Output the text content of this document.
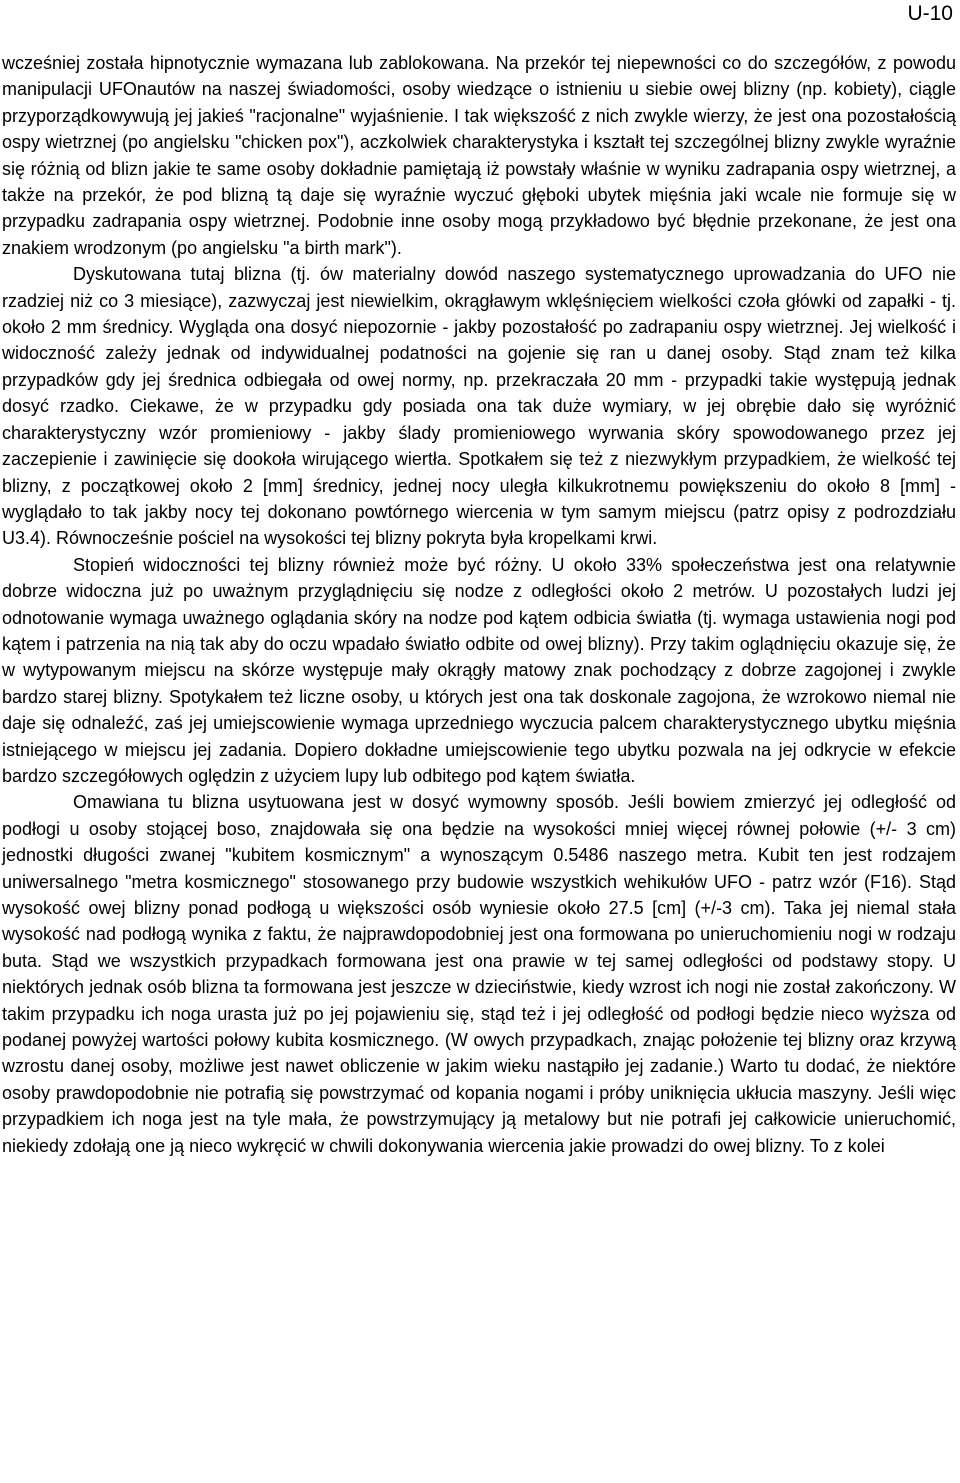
U-10

wcześniej została hipnotycznie wymazana lub zablokowana. Na przekór tej niepewności co do szczegółów, z powodu manipulacji UFOnautów na naszej świadomości, osoby wiedzące o istnieniu u siebie owej blizny (np. kobiety), ciągle przyporządkowywują jej jakieś "racjonalne" wyjaśnienie. I tak większość z nich zwykle wierzy, że jest ona pozostałością ospy wietrznej (po angielsku "chicken pox"), aczkolwiek charakterystyka i kształt tej szczególnej blizny zwykle wyraźnie się różnią od blizn jakie te same osoby dokładnie pamiętają iż powstały właśnie w wyniku zadrapania ospy wietrznej, a także na przekór, że pod blizną tą daje się wyraźnie wyczuć głęboki ubytek mięśnia jaki wcale nie formuje się w przypadku zadrapania ospy wietrznej. Podobnie inne osoby mogą przykładowo być błędnie przekonane, że jest ona znakiem wrodzonym (po angielsku "a birth mark").

Dyskutowana tutaj blizna (tj. ów materialny dowód naszego systematycznego uprowadzania do UFO nie rzadziej niż co 3 miesiące), zazwyczaj jest niewielkim, okrągławym wklęśnięciem wielkości czoła główki od zapałki - tj. około 2 mm średnicy. Wygląda ona dosyć niepozornie - jakby pozostałość po zadrapaniu ospy wietrznej. Jej wielkość i widoczność zależy jednak od indywidualnej podatności na gojenie się ran u danej osoby. Stąd znam też kilka przypadków gdy jej średnica odbiegała od owej normy, np. przekraczała 20 mm - przypadki takie występują jednak dosyć rzadko. Ciekawe, że w przypadku gdy posiada ona tak duże wymiary, w jej obrębie dało się wyróżnić charakterystyczny wzór promieniowy - jakby ślady promieniowego wyrwania skóry spowodowanego przez jej zaczepienie i zawinięcie się dookoła wirującego wiertła. Spotkałem się też z niezwykłym przypadkiem, że wielkość tej blizny, z początkowej około 2 [mm] średnicy, jednej nocy uległa kilkukrotnemu powiększeniu do około 8 [mm] - wyglądało to tak jakby nocy tej dokonano powtórnego wiercenia w tym samym miejscu (patrz opisy z podrozdziału U3.4). Równocześnie pościel na wysokości tej blizny pokryta była kropelkami krwi.

Stopień widoczności tej blizny również może być różny. U około 33% społeczeństwa jest ona relatywnie dobrze widoczna już po uważnym przyglądnięciu się nodze z odległości około 2 metrów. U pozostałych ludzi jej odnotowanie wymaga uważnego oglądania skóry na nodze pod kątem odbicia światła (tj. wymaga ustawienia nogi pod kątem i patrzenia na nią tak aby do oczu wpadało światło odbite od owej blizny). Przy takim oglądnięciu okazuje się, że w wytypowanym miejscu na skórze występuje mały okrągły matowy znak pochodzący z dobrze zagojonej i zwykle bardzo starej blizny. Spotykałem też liczne osoby, u których jest ona tak doskonale zagojona, że wzrokowo niemal nie daje się odnaleźć, zaś jej umiejscowienie wymaga uprzedniego wyczucia palcem charakterystycznego ubytku mięśnia istniejącego w miejscu jej zadania. Dopiero dokładne umiejscowienie tego ubytku pozwala na jej odkrycie w efekcie bardzo szczegółowych oględzin z użyciem lupy lub odbitego pod kątem światła.

Omawiana tu blizna usytuowana jest w dosyć wymowny sposób. Jeśli bowiem zmierzyć jej odległość od podłogi u osoby stojącej boso, znajdowała się ona będzie na wysokości mniej więcej równej połowie (+/- 3 cm) jednostki długości zwanej "kubitem kosmicznym" a wynoszącym 0.5486 naszego metra. Kubit ten jest rodzajem uniwersalnego "metra kosmicznego" stosowanego przy budowie wszystkich wehikułów UFO - patrz wzór (F16). Stąd wysokość owej blizny ponad podłogą u większości osób wyniesie około 27.5 [cm] (+/-3 cm). Taka jej niemal stała wysokość nad podłogą wynika z faktu, że najprawdopodobniej jest ona formowana po unieruchomieniu nogi w rodzaju buta. Stąd we wszystkich przypadkach formowana jest ona prawie w tej samej odległości od podstawy stopy. U niektórych jednak osób blizna ta formowana jest jeszcze w dzieciństwie, kiedy wzrost ich nogi nie został zakończony. W takim przypadku ich noga urasta już po jej pojawieniu się, stąd też i jej odległość od podłogi będzie nieco wyższa od podanej powyżej wartości połowy kubita kosmicznego. (W owych przypadkach, znając położenie tej blizny oraz krzywą wzrostu danej osoby, możliwe jest nawet obliczenie w jakim wieku nastąpiło jej zadanie.) Warto tu dodać, że niektóre osoby prawdopodobnie nie potrafią się powstrzymać od kopania nogami i próby uniknięcia ukłucia maszyny. Jeśli więc przypadkiem ich noga jest na tyle mała, że powstrzymujący ją metalowy but nie potrafi jej całkowicie unieruchomić, niekiedy zdołają one ją nieco wykręcić w chwili dokonywania wiercenia jakie prowadzi do owej blizny. To z kolei
